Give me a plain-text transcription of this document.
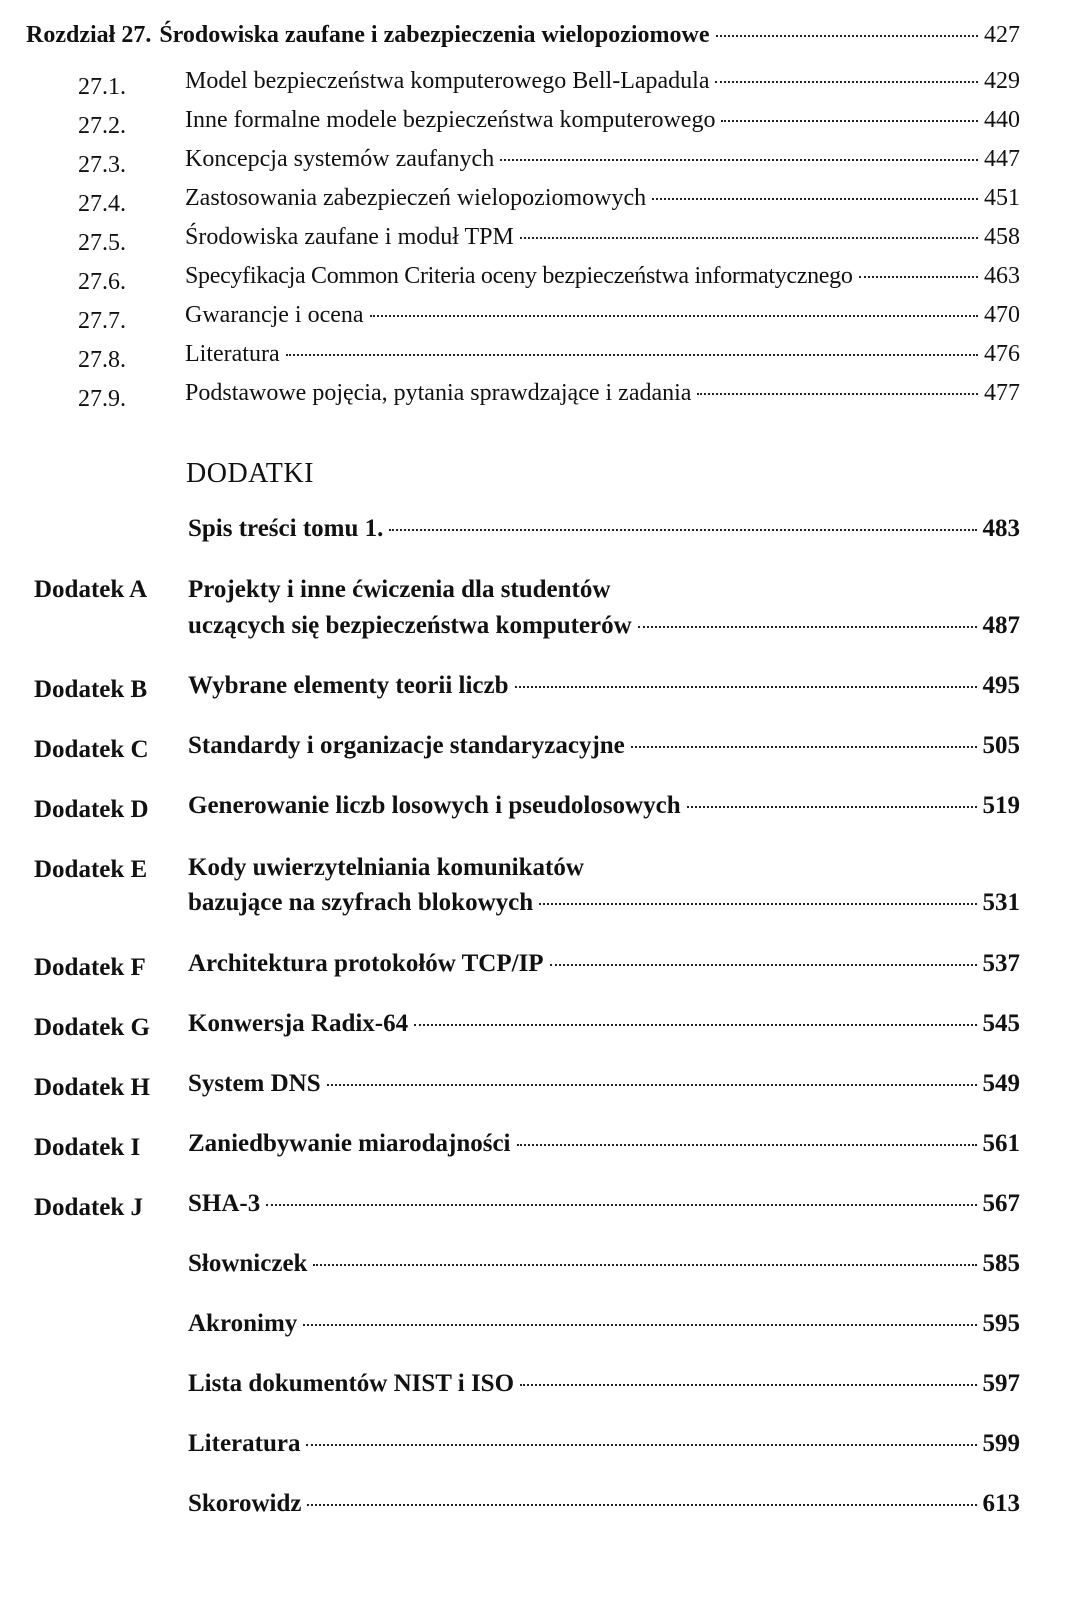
Rozdział 27. Środowiska zaufane i zabezpieczenia wielopoziomowe	427
27.1. Model bezpieczeństwa komputerowego Bell-Lapadula	429
27.2. Inne formalne modele bezpieczeństwa komputerowego	440
27.3. Koncepcja systemów zaufanych	447
27.4. Zastosowania zabezpieczeń wielopoziomowych	451
27.5. Środowiska zaufane i moduł TPM	458
27.6. Specyfikacja Common Criteria oceny bezpieczeństwa informatycznego	463
27.7. Gwarancje i ocena	470
27.8. Literatura	476
27.9. Podstawowe pojęcia, pytania sprawdzające i zadania	477
DODATKI
Spis treści tomu 1.	483
Dodatek A Projekty i inne ćwiczenia dla studentów
uczących się bezpieczeństwa komputerów	487
Dodatek B Wybrane elementy teorii liczb	495
Dodatek C Standardy i organizacje standaryzacyjne	505
Dodatek D Generowanie liczb losowych i pseudolosowych	519
Dodatek E Kody uwierzytelniania komunikatów
bazujące na szyfrach blokowych	531
Dodatek F Architektura protokołów TCP/IP	537
Dodatek G Konwersja Radix-64	545
Dodatek H System DNS	549
Dodatek I Zaniedbywanie miarodajności	561
Dodatek J SHA-3	567
Słowniczek	585
Akronimy	595
Lista dokumentów NIST i ISO	597
Literatura	599
Skorowidz	613
